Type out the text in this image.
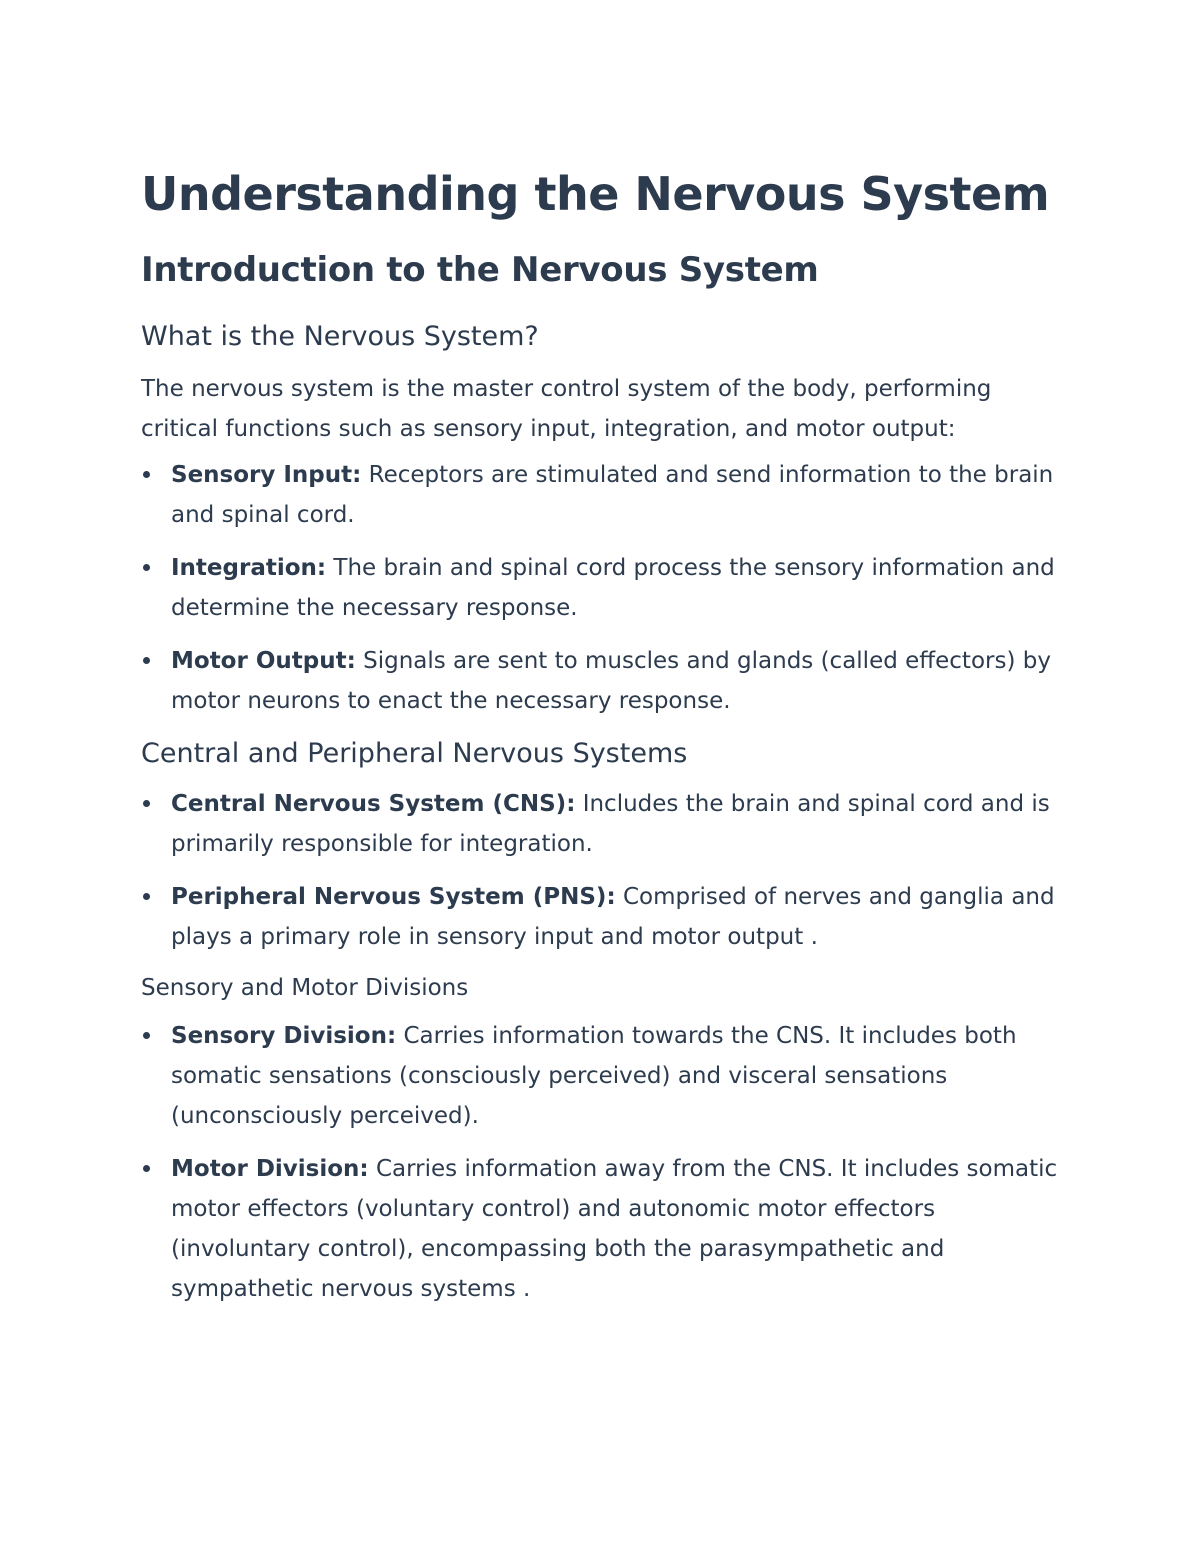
Understanding the Nervous System
Introduction to the Nervous System
What is the Nervous System?

The nervous system is the master control system of the body, performing critical functions such as sensory input, integration, and motor output:

Sensory Input: Receptors are stimulated and send information to the brain and spinal cord.
Integration: The brain and spinal cord process the sensory information and determine the necessary response.
Motor Output: Signals are sent to muscles and glands (called effectors) by motor neurons to enact the necessary response.
Central and Peripheral Nervous Systems
Central Nervous System (CNS): Includes the brain and spinal cord and is primarily responsible for integration.
Peripheral Nervous System (PNS): Comprised of nerves and ganglia and plays a primary role in sensory input and motor output .
Sensory and Motor Divisions
Sensory Division: Carries information towards the CNS. It includes both somatic sensations (consciously perceived) and visceral sensations (unconsciously perceived).
Motor Division: Carries information away from the CNS. It includes somatic motor effectors (voluntary control) and autonomic motor effectors (involuntary control), encompassing both the parasympathetic and sympathetic nervous systems .
